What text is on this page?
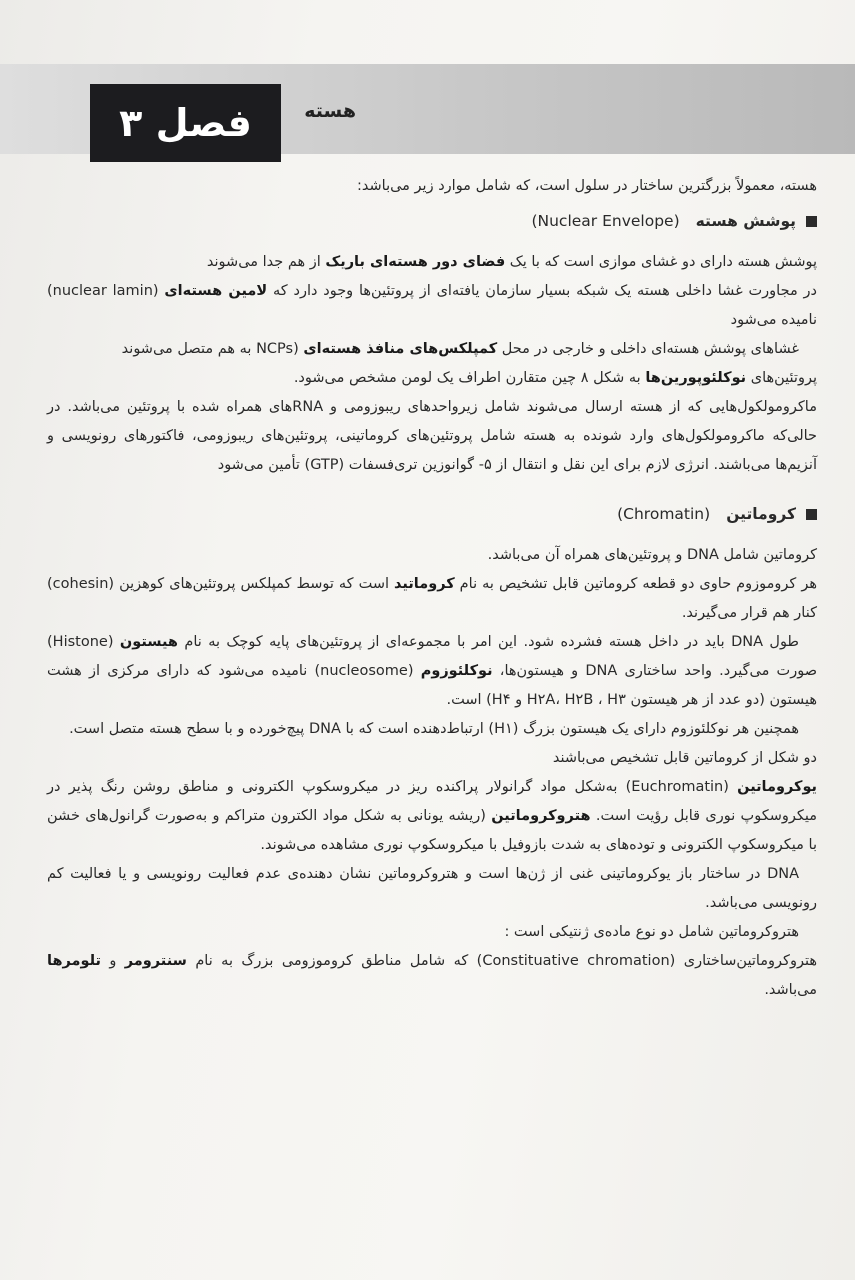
فصل ۳	هسته

هسته، معمولاً بزرگترین ساختار در سلول است، که شامل موارد زیر می‌باشد:

پوشش هسته
(Nuclear Envelope)

پوشش هسته دارای دو غشای موازی است که با یک فضای دور هسته‌ای باریک از هم جدا می‌شوند

در مجاورت غشا داخلی هسته یک شبکه بسیار سازمان یافته‌ای از پروتئین‌ها وجود دارد که لامین هسته‌ای (nuclear lamin) نامیده می‌شود

غشاهای پوشش هسته‌ای داخلی و خارجی در محل کمپلکس‌های منافذ هسته‌ای (NCPs به هم متصل می‌شوند

پروتئین‌های نوکلئوپورین‌ها به شکل ۸ چین متقارن اطراف یک لومن مشخص می‌شود.

ماکرومولکول‌هایی که از هسته ارسال می‌شوند شامل زیرواحدهای ریبوزومی و RNAهای همراه شده با پروتئین می‌باشد. در حالی‌که ماکرومولکول‌های وارد شونده به هسته شامل پروتئین‌های کروماتینی، پروتئین‌های ریبوزومی، فاکتورهای رونویسی و آنزیم‌ها می‌باشند. انرژی لازم برای این نقل و انتقال از ۵- گوانوزین تری‌فسفات (GTP) تأمین می‌شود

کروماتین
(Chromatin)

کروماتین شامل DNA و پروتئین‌های همراه آن می‌باشد.

هر کروموزوم حاوی دو قطعه کروماتین قابل تشخیص به نام کروماتید است که توسط کمپلکس پروتئین‌های کوهزین (cohesin) کنار هم قرار می‌گیرند.

طول DNA باید در داخل هسته فشرده شود. این امر با مجموعه‌ای از پروتئین‌های پایه کوچک به نام هیستون (Histone) صورت می‌گیرد. واحد ساختاری DNA و هیستون‌ها، نوکلئوزوم (nucleosome) نامیده می‌شود که دارای مرکزی از هشت هیستون (دو عدد از هر هیستون H۲A، H۲B ، H۳ و H۴) است.

همچنین هر نوکلئوزوم دارای یک هیستون بزرگ (H۱) ارتباط‌دهنده است که با DNA پیچ‌خورده و با سطح هسته متصل است.

دو شکل از کروماتین قابل تشخیص می‌باشند

یوکروماتین (Euchromatin) به‌شکل مواد گرانولار پراکنده ریز در میکروسکوپ الکترونی و مناطق روشن رنگ پذیر در میکروسکوپ نوری قابل رؤیت است. هتروکروماتین (ریشه یونانی به شکل مواد الکترون متراکم و به‌صورت گرانول‌های خشن با میکروسکوپ الکترونی و توده‌های به شدت بازوفیل با میکروسکوپ نوری مشاهده می‌شوند.

DNA در ساختار باز یوکروماتینی غنی از ژن‌ها است و هتروکروماتین نشان دهنده‌ی عدم فعالیت رونویسی و یا فعالیت کم رونویسی می‌باشد.

هتروکروماتین شامل دو نوع ماده‌ی ژنتیکی است :

هتروکروماتین‌ساختاری (Constituative chromation) که شامل مناطق کروموزومی بزرگ به نام سنترومر و تلومرها می‌باشد.
